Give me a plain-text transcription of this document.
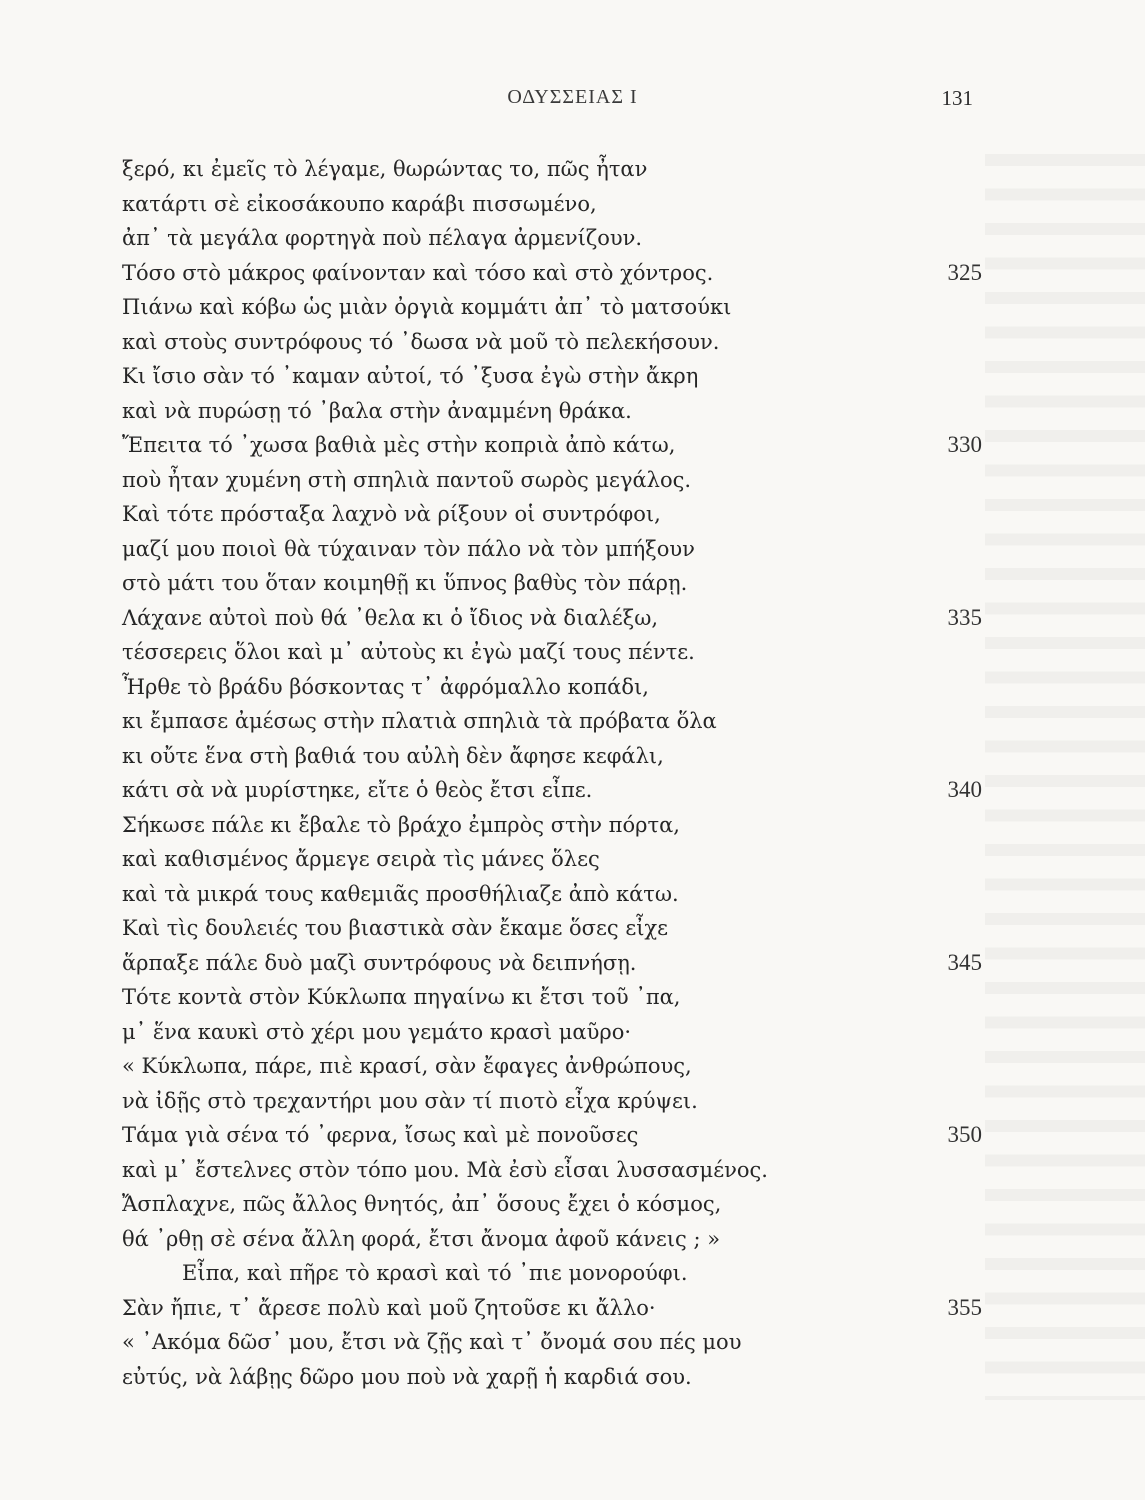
ΟΔΥΣΣΕΙΑΣ Ι	131
ξερό, κι ἐμεῖς τὸ λέγαμε, θωρώντας το, πῶς ἦταν
κατάρτι σὲ εἰκοσάκουπο καράβι πισσωμένο,
ἀπ᾿ τὰ μεγάλα φορτηγὰ ποὺ πέλαγα ἀρμενίζουν.
Τόσο στὸ μάκρος φαίνονταν καὶ τόσο καὶ στὸ χόντρος.	325
Πιάνω καὶ κόβω ὡς μιὰν ὀργιὰ κομμάτι ἀπ᾿ τὸ ματσούκι
καὶ στοὺς συντρόφους τό ᾿δωσα νὰ μοῦ τὸ πελεκήσουν.
Κι ἴσιο σὰν τό ᾿καμαν αὐτοί, τό ᾿ξυσα ἐγὼ στὴν ἄκρη
καὶ νὰ πυρώσῃ τό ᾿βαλα στὴν ἀναμμένη θράκα.
Ἔπειτα τό ᾿χωσα βαθιὰ μὲς στὴν κοπριὰ ἀπὸ κάτω,	330
ποὺ ἦταν χυμένη στὴ σπηλιὰ παντοῦ σωρὸς μεγάλος.
Καὶ τότε πρόσταξα λαχνὸ νὰ ρίξουν οἱ συντρόφοι,
μαζί μου ποιοὶ θὰ τύχαιναν τὸν πάλο νὰ τὸν μπήξουν
στὸ μάτι του ὅταν κοιμηθῇ κι ὕπνος βαθὺς τὸν πάρῃ.
Λάχανε αὐτοὶ ποὺ θά ᾿θελα κι ὁ ἴδιος νὰ διαλέξω,	335
τέσσερεις ὅλοι καὶ μ᾿ αὐτοὺς κι ἐγὼ μαζί τους πέντε.
Ἦρθε τὸ βράδυ βόσκοντας τ᾿ ἀφρόμαλλο κοπάδι,
κι ἔμπασε ἀμέσως στὴν πλατιὰ σπηλιὰ τὰ πρόβατα ὅλα
κι οὔτε ἕνα στὴ βαθιά του αὐλὴ δὲν ἄφησε κεφάλι,
κάτι σὰ νὰ μυρίστηκε, εἴτε ὁ θεὸς ἔτσι εἶπε.	340
Σήκωσε πάλε κι ἔβαλε τὸ βράχο ἐμπρὸς στὴν πόρτα,
καὶ καθισμένος ἄρμεγε σειρὰ τὶς μάνες ὅλες
καὶ τὰ μικρά τους καθεμιᾶς προσθήλιαζε ἀπὸ κάτω.
Καὶ τὶς δουλειές του βιαστικὰ σὰν ἔκαμε ὅσες εἶχε
ἅρπαξε πάλε δυὸ μαζὶ συντρόφους νὰ δειπνήσῃ.	345
Τότε κοντὰ στὸν Κύκλωπα πηγαίνω κι ἔτσι τοῦ ᾿πα,
μ᾿ ἕνα καυκὶ στὸ χέρι μου γεμάτο κρασὶ μαῦρο·
« Κύκλωπα, πάρε, πιὲ κρασί, σὰν ἔφαγες ἀνθρώπους,
νὰ ἰδῇς στὸ τρεχαντήρι μου σὰν τί πιοτὸ εἶχα κρύψει.
Τάμα γιὰ σένα τό ᾿φερνα, ἴσως καὶ μὲ πονοῦσες	350
καὶ μ᾿ ἔστελνες στὸν τόπο μου. Μὰ ἐσὺ εἶσαι λυσσασμένος.
Ἄσπλαχνε, πῶς ἄλλος θνητός, ἀπ᾿ ὅσους ἔχει ὁ κόσμος,
θά ᾿ρθῃ σὲ σένα ἄλλη φορά, ἔτσι ἄνομα ἀφοῦ κάνεις ; »
Εἶπα, καὶ πῆρε τὸ κρασὶ καὶ τό ᾿πιε μονορούφι.
Σὰν ἤπιε, τ᾿ ἄρεσε πολὺ καὶ μοῦ ζητοῦσε κι ἄλλο·	355
« ᾿Ακόμα δῶσ᾿ μου, ἔτσι νὰ ζῇς καὶ τ᾿ ὄνομά σου πές μου
εὐτύς, νὰ λάβῃς δῶρο μου ποὺ νὰ χαρῇ ἡ καρδιά σου.
